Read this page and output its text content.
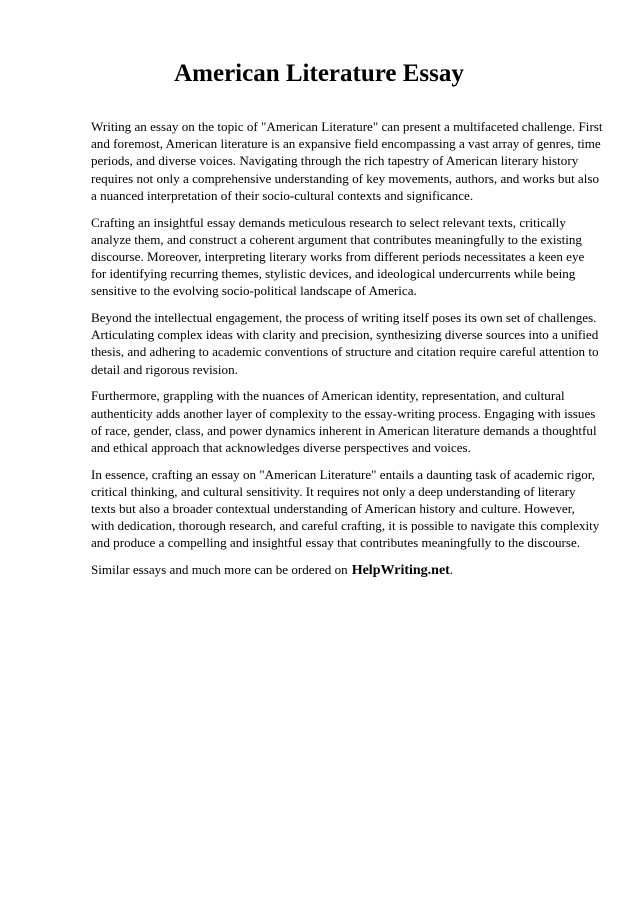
American Literature Essay

Writing an essay on the topic of "American Literature" can present a multifaceted challenge. First
and foremost, American literature is an expansive field encompassing a vast array of genres, time
periods, and diverse voices. Navigating through the rich tapestry of American literary history
requires not only a comprehensive understanding of key movements, authors, and works but also
a nuanced interpretation of their socio-cultural contexts and significance.

Crafting an insightful essay demands meticulous research to select relevant texts, critically
analyze them, and construct a coherent argument that contributes meaningfully to the existing
discourse. Moreover, interpreting literary works from different periods necessitates a keen eye
for identifying recurring themes, stylistic devices, and ideological undercurrents while being
sensitive to the evolving socio-political landscape of America.

Beyond the intellectual engagement, the process of writing itself poses its own set of challenges.
Articulating complex ideas with clarity and precision, synthesizing diverse sources into a unified
thesis, and adhering to academic conventions of structure and citation require careful attention to
detail and rigorous revision.

Furthermore, grappling with the nuances of American identity, representation, and cultural
authenticity adds another layer of complexity to the essay-writing process. Engaging with issues
of race, gender, class, and power dynamics inherent in American literature demands a thoughtful
and ethical approach that acknowledges diverse perspectives and voices.

In essence, crafting an essay on "American Literature" entails a daunting task of academic rigor,
critical thinking, and cultural sensitivity. It requires not only a deep understanding of literary
texts but also a broader contextual understanding of American history and culture. However,
with dedication, thorough research, and careful crafting, it is possible to navigate this complexity
and produce a compelling and insightful essay that contributes meaningfully to the discourse.

Similar essays and much more can be ordered on HelpWriting.net.
